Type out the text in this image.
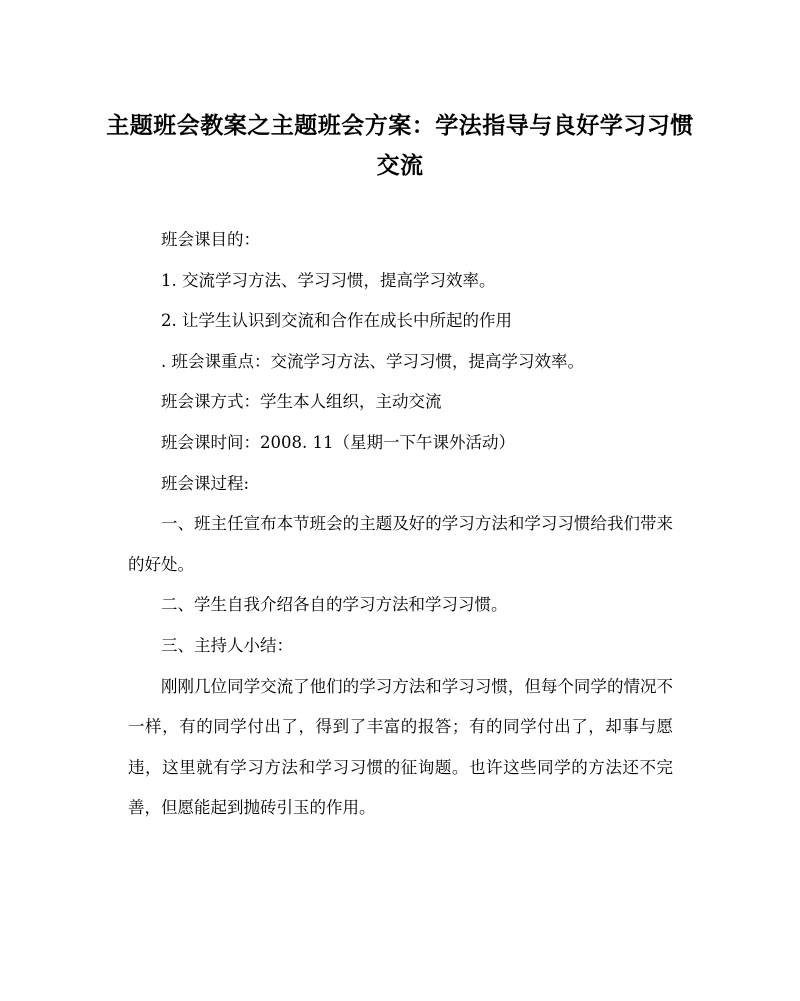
主题班会教案之主题班会方案：学法指导与良好学习习惯交流

班会课目的：

1. 交流学习方法、学习习惯，提高学习效率。

2. 让学生认识到交流和合作在成长中所起的作用

. 班会课重点：交流学习方法、学习习惯，提高学习效率。

班会课方式：学生本人组织，主动交流

班会课时间：2008. 11（星期一下午课外活动）

班会课过程:

一、班主任宣布本节班会的主题及好的学习方法和学习习惯给我们带来的好处。

二、学生自我介绍各自的学习方法和学习习惯。

三、主持人小结：

刚刚几位同学交流了他们的学习方法和学习习惯，但每个同学的情况不一样，有的同学付出了，得到了丰富的报答；有的同学付出了，却事与愿违，这里就有学习方法和学习习惯的征询题。也许这些同学的方法还不完善，但愿能起到抛砖引玉的作用。
